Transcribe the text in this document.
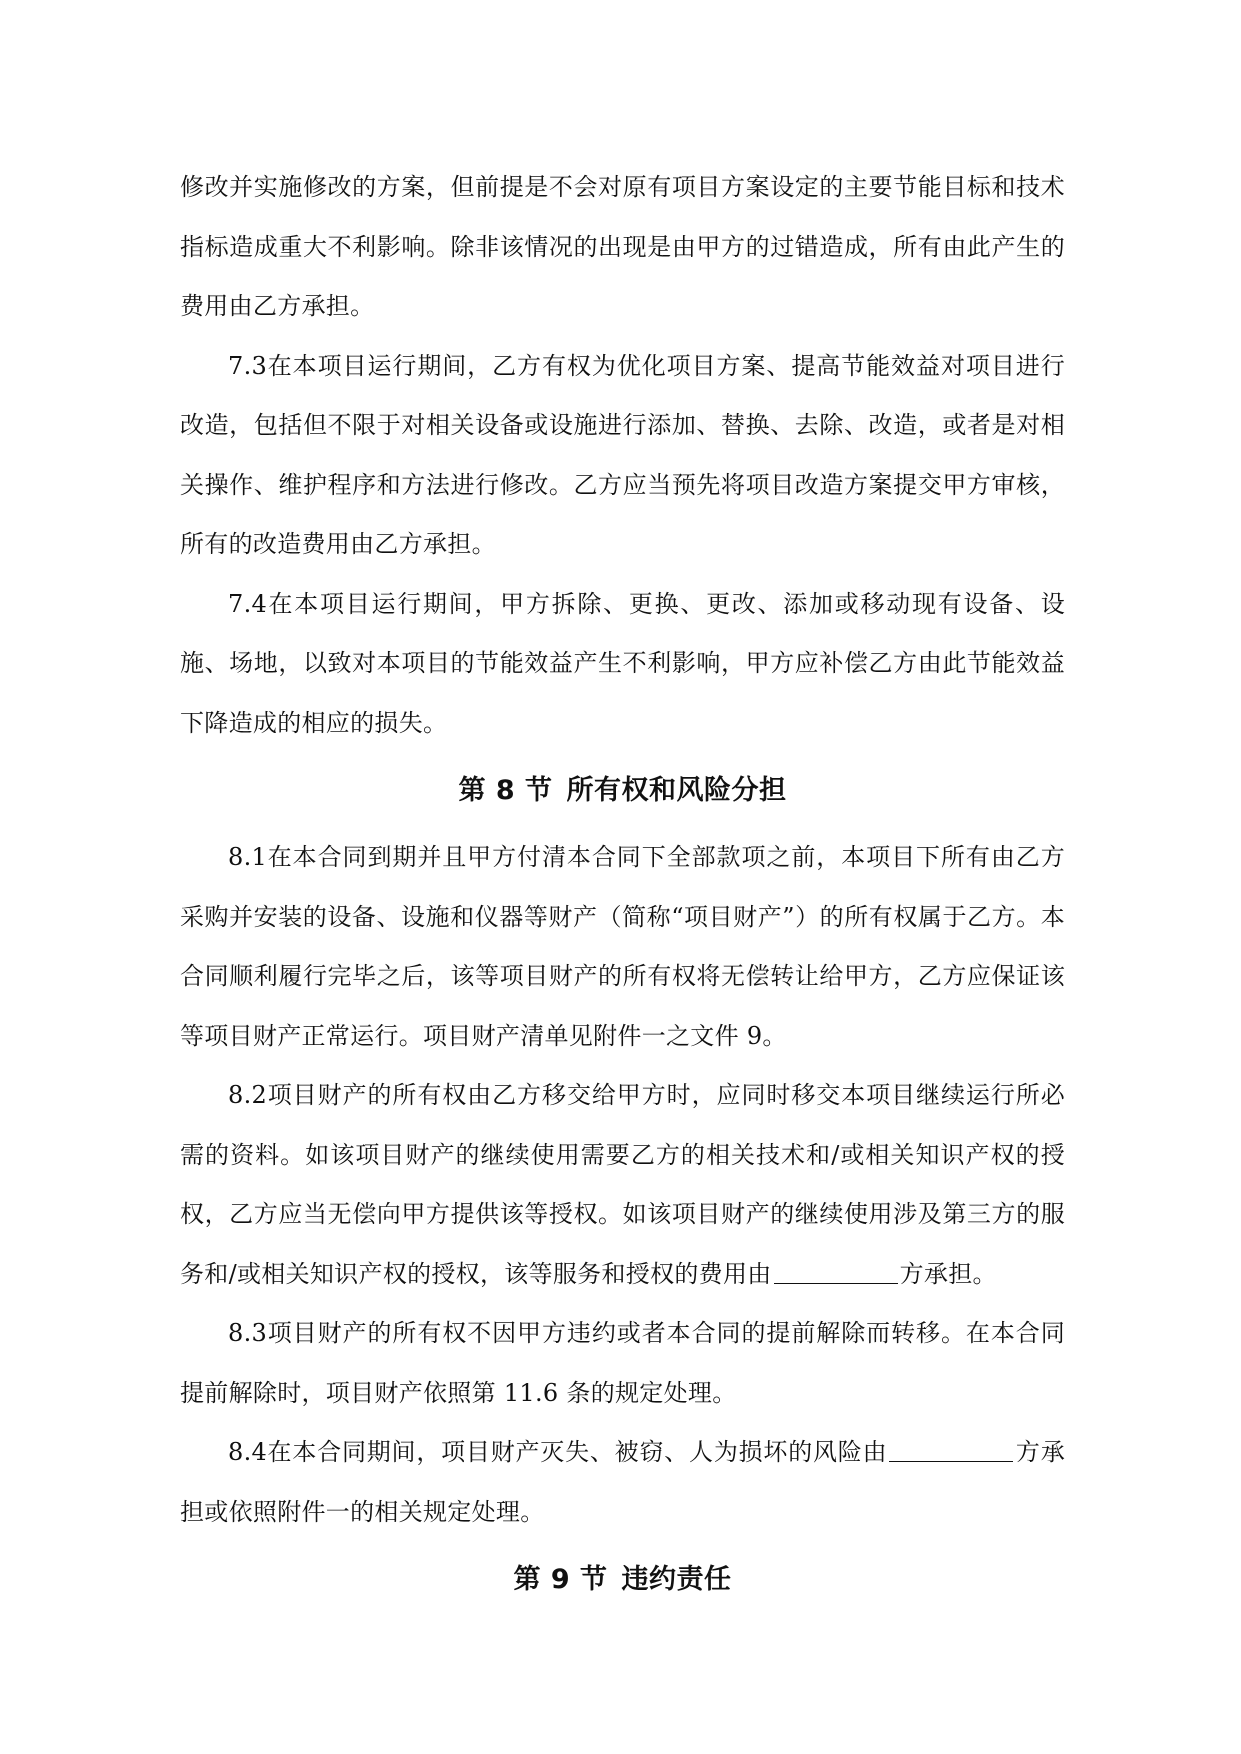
修改并实施修改的方案，但前提是不会对原有项目方案设定的主要节能目标和技术指标造成重大不利影响。除非该情况的出现是由甲方的过错造成，所有由此产生的费用由乙方承担。

7.3在本项目运行期间，乙方有权为优化项目方案、提高节能效益对项目进行改造，包括但不限于对相关设备或设施进行添加、替换、去除、改造，或者是对相关操作、维护程序和方法进行修改。乙方应当预先将项目改造方案提交甲方审核，所有的改造费用由乙方承担。

7.4在本项目运行期间，甲方拆除、更换、更改、添加或移动现有设备、设施、场地，以致对本项目的节能效益产生不利影响，甲方应补偿乙方由此节能效益下降造成的相应的损失。

第 8 节 所有权和风险分担

8.1在本合同到期并且甲方付清本合同下全部款项之前，本项目下所有由乙方采购并安装的设备、设施和仪器等财产（简称“项目财产”）的所有权属于乙方。本合同顺利履行完毕之后，该等项目财产的所有权将无偿转让给甲方，乙方应保证该等项目财产正常运行。项目财产清单见附件一之文件 9。

8.2项目财产的所有权由乙方移交给甲方时，应同时移交本项目继续运行所必需的资料。如该项目财产的继续使用需要乙方的相关技术和/或相关知识产权的授权，乙方应当无偿向甲方提供该等授权。如该项目财产的继续使用涉及第三方的服务和/或相关知识产权的授权，该等服务和授权的费用由	方承担。

8.3项目财产的所有权不因甲方违约或者本合同的提前解除而转移。在本合同提前解除时，项目财产依照第 11.6 条的规定处理。

8.4在本合同期间，项目财产灭失、被窃、人为损坏的风险由	方承担或依照附件一的相关规定处理。

第 9 节 违约责任
